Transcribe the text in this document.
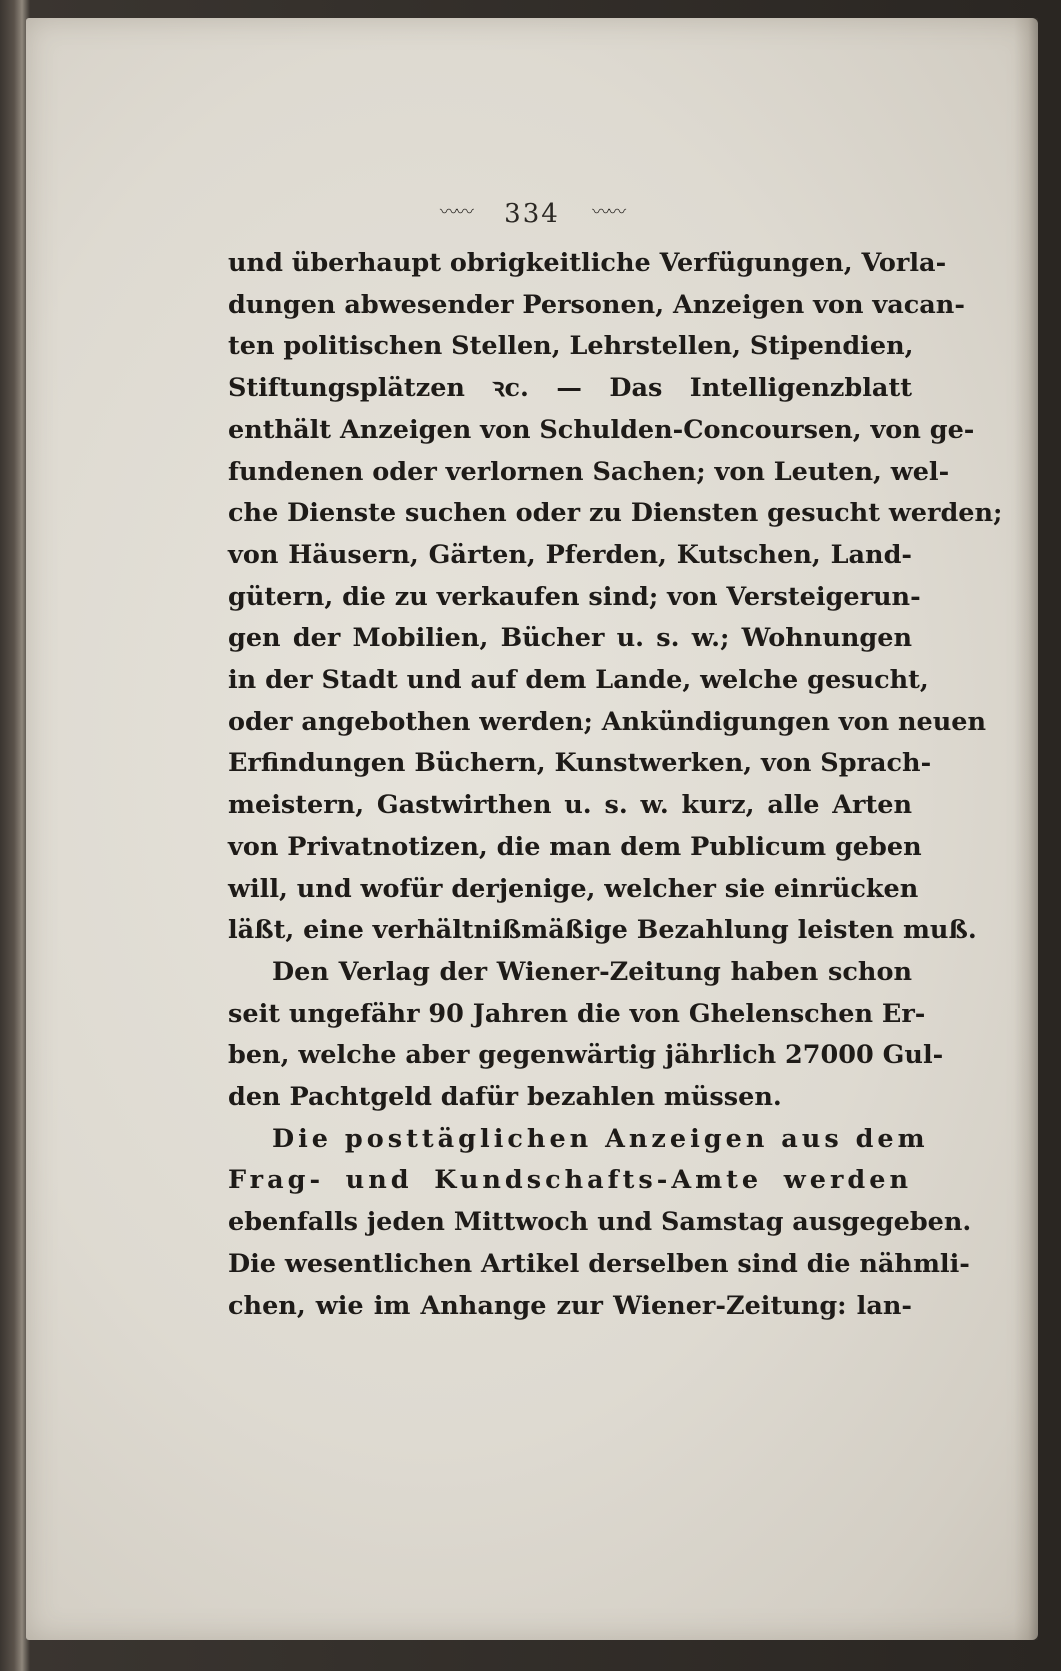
〰〰 334 〰〰
und überhaupt obrigkeitliche Verfügungen, Vorla-
dungen abwesender Personen, Anzeigen von vacan-
ten politischen Stellen, Lehrstellen, Stipendien,
Stiftungsplätzen ꝛc. — Das Intelligenzblatt
enthält Anzeigen von Schulden-Concoursen, von ge-
fundenen oder verlornen Sachen; von Leuten, wel-
che Dienste suchen oder zu Diensten gesucht werden;
von Häusern, Gärten, Pferden, Kutschen, Land-
gütern, die zu verkaufen sind; von Versteigerun-
gen der Mobilien, Bücher u. s. w.; Wohnungen
in der Stadt und auf dem Lande, welche gesucht,
oder angebothen werden; Ankündigungen von neuen
Erfindungen Büchern, Kunstwerken, von Sprach-
meistern, Gastwirthen u. s. w. kurz, alle Arten
von Privatnotizen, die man dem Publicum geben
will, und wofür derjenige, welcher sie einrücken
läßt, eine verhältnißmäßige Bezahlung leisten muß.
Den Verlag der Wiener-Zeitung haben schon
seit ungefähr 90 Jahren die von Ghelenschen Er-
ben, welche aber gegenwärtig jährlich 27000 Gul-
den Pachtgeld dafür bezahlen müssen.
Die posttäglichen Anzeigen aus dem
Frag- und Kundschafts-Amte werden
ebenfalls jeden Mittwoch und Samstag ausgegeben.
Die wesentlichen Artikel derselben sind die nähmli-
chen, wie im Anhange zur Wiener-Zeitung: lan-
